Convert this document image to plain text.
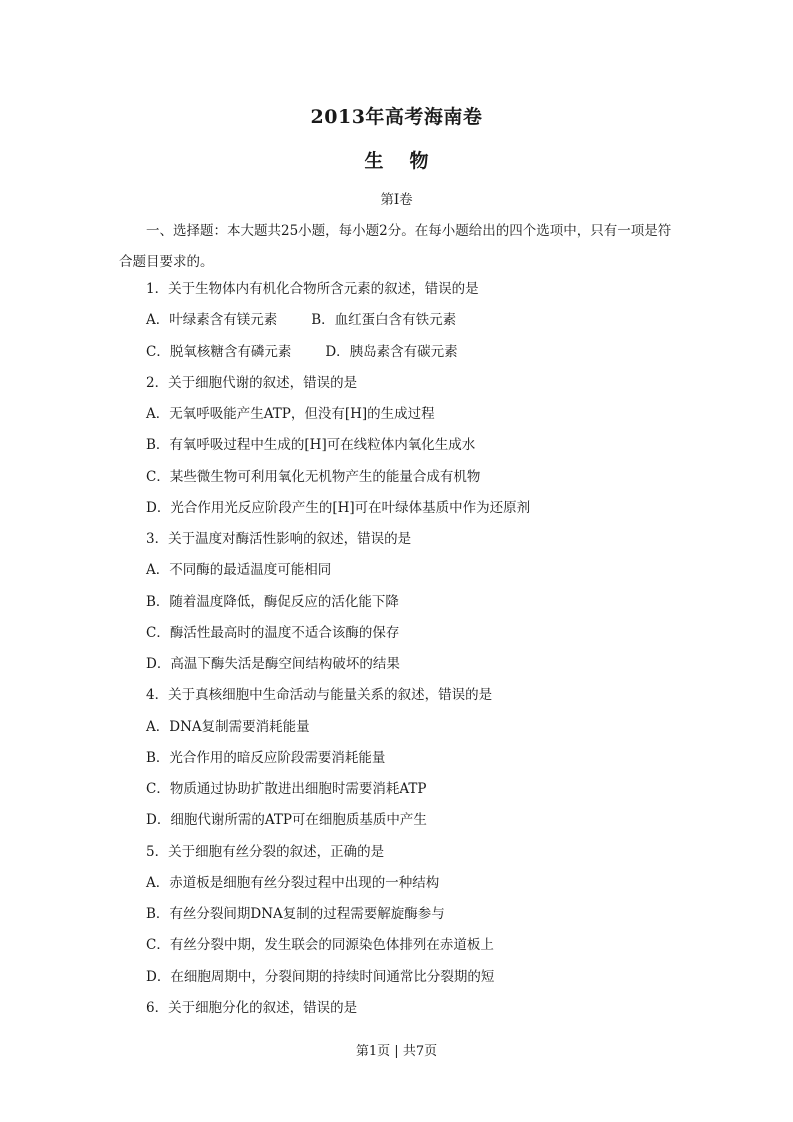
2013年高考海南卷
生物
第I卷
一、选择题：本大题共25小题，每小题2分。在每小题给出的四个选项中，只有一项是符合题目要求的。
1．关于生物体内有机化合物所含元素的叙述，错误的是
A．叶绿素含有镁元素	B．血红蛋白含有铁元素
C．脱氧核糖含有磷元素	D．胰岛素含有碳元素
2．关于细胞代谢的叙述，错误的是
A．无氧呼吸能产生ATP，但没有[H]的生成过程
B．有氧呼吸过程中生成的[H]可在线粒体内氧化生成水
C．某些微生物可利用氧化无机物产生的能量合成有机物
D．光合作用光反应阶段产生的[H]可在叶绿体基质中作为还原剂
3．关于温度对酶活性影响的叙述，错误的是
A．不同酶的最适温度可能相同
B．随着温度降低，酶促反应的活化能下降
C．酶活性最高时的温度不适合该酶的保存
D．高温下酶失活是酶空间结构破坏的结果
4．关于真核细胞中生命活动与能量关系的叙述，错误的是
A．DNA复制需要消耗能量
B．光合作用的暗反应阶段需要消耗能量
C．物质通过协助扩散进出细胞时需要消耗ATP
D．细胞代谢所需的ATP可在细胞质基质中产生
5．关于细胞有丝分裂的叙述，正确的是
A．赤道板是细胞有丝分裂过程中出现的一种结构
B．有丝分裂间期DNA复制的过程需要解旋酶参与
C．有丝分裂中期，发生联会的同源染色体排列在赤道板上
D．在细胞周期中，分裂间期的持续时间通常比分裂期的短
6．关于细胞分化的叙述，错误的是
第1页 | 共7页
